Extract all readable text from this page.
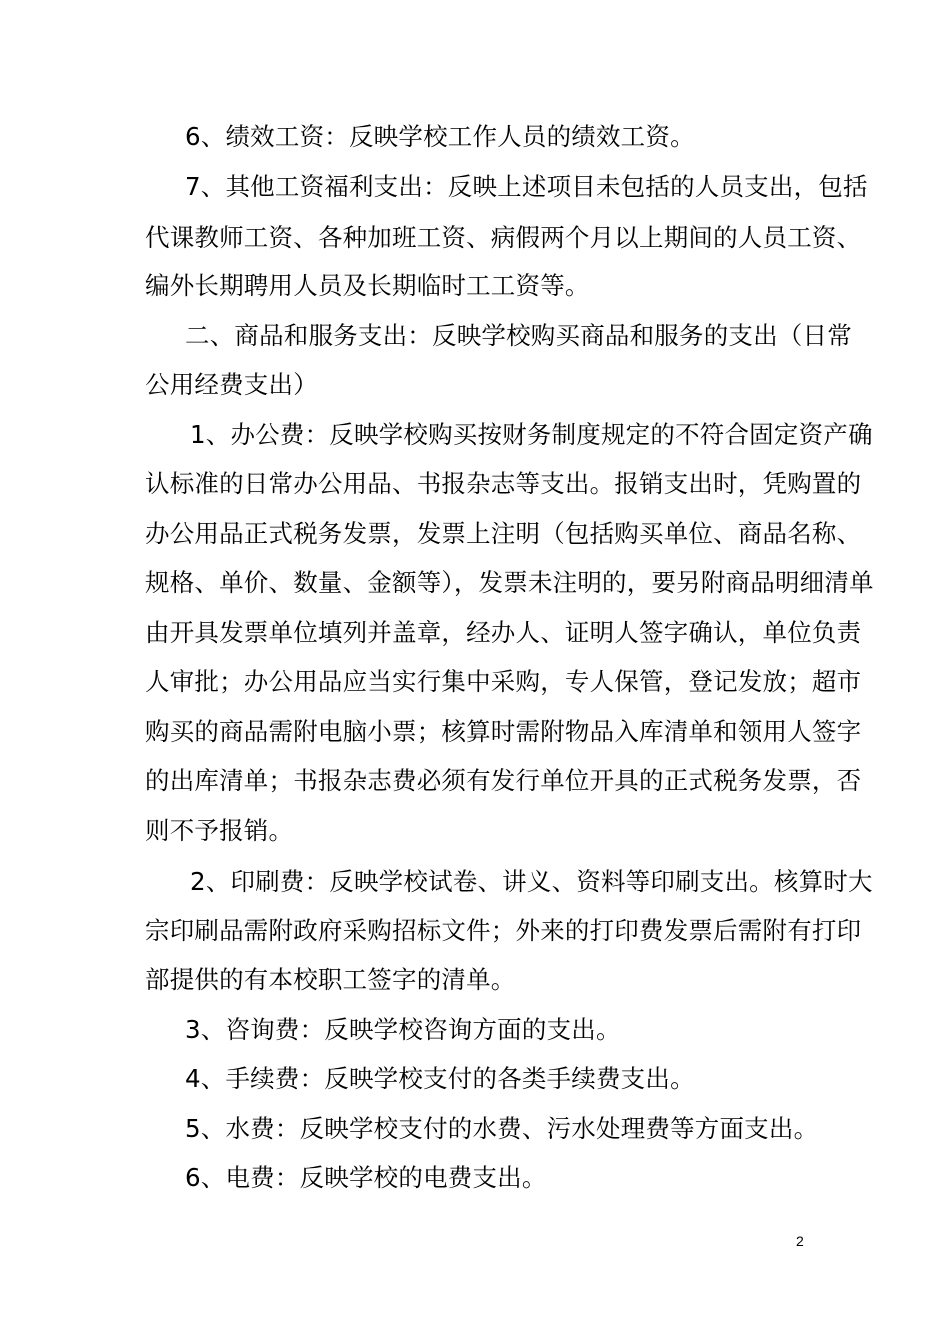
6、绩效工资：反映学校工作人员的绩效工资。
7、其他工资福利支出：反映上述项目未包括的人员支出，包括
代课教师工资、各种加班工资、病假两个月以上期间的人员工资、
编外长期聘用人员及长期临时工工资等。
二、商品和服务支出：反映学校购买商品和服务的支出（日常
公用经费支出）
1、办公费：反映学校购买按财务制度规定的不符合固定资产确
认标准的日常办公用品、书报杂志等支出。报销支出时，凭购置的
办公用品正式税务发票，发票上注明（包括购买单位、商品名称、
规格、单价、数量、金额等），发票未注明的，要另附商品明细清单
由开具发票单位填列并盖章，经办人、证明人签字确认，单位负责
人审批；办公用品应当实行集中采购，专人保管，登记发放；超市
购买的商品需附电脑小票；核算时需附物品入库清单和领用人签字
的出库清单；书报杂志费必须有发行单位开具的正式税务发票，否
则不予报销。
2、印刷费：反映学校试卷、讲义、资料等印刷支出。核算时大
宗印刷品需附政府采购招标文件；外来的打印费发票后需附有打印
部提供的有本校职工签字的清单。
3、咨询费：反映学校咨询方面的支出。
4、手续费：反映学校支付的各类手续费支出。
5、水费：反映学校支付的水费、污水处理费等方面支出。
6、电费：反映学校的电费支出。
2
